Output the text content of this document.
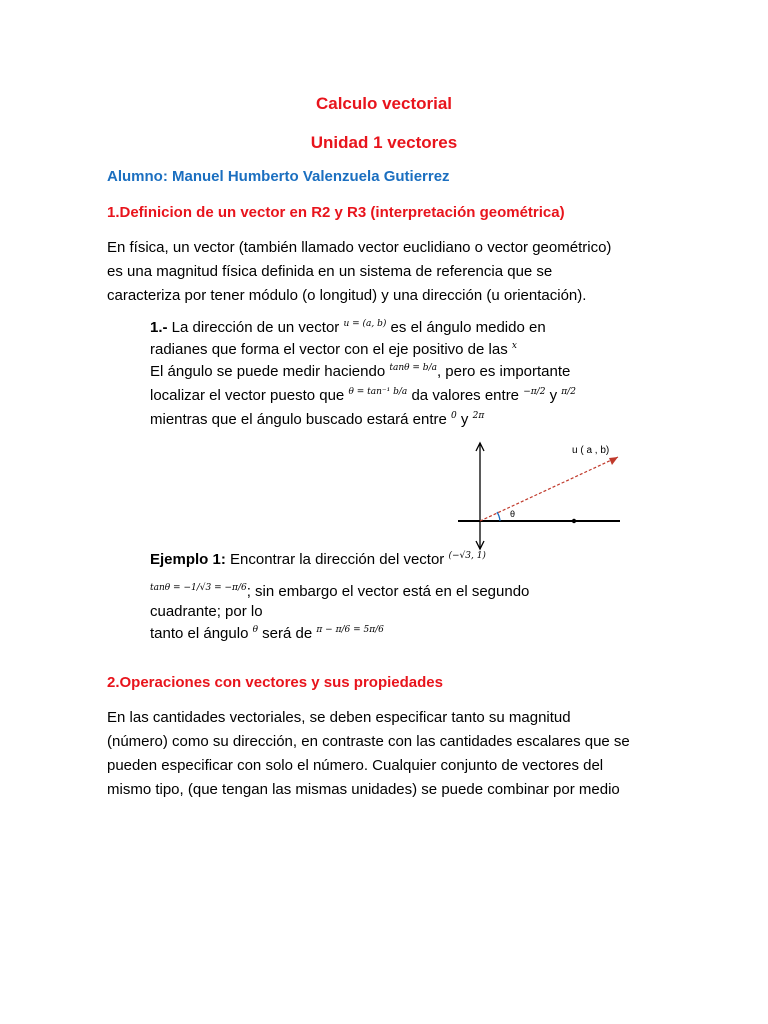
Calculo vectorial
Unidad 1 vectores
Alumno: Manuel Humberto Valenzuela Gutierrez
1.Definicion de un vector en R2 y R3 (interpretación geométrica)
En física, un vector (también llamado vector euclidiano o vector geométrico)
es una magnitud física definida en un sistema de referencia que se
caracteriza por tener módulo (o longitud) y una dirección (u orientación).
1.- La dirección de un vector $^{u = (a, b)}$ es el ángulo medido en
radianes que forma el vector con el eje positivo de las $^x$
El ángulo se puede medir haciendo $^{tan\theta = b/a}$, pero es importante
localizar el vector puesto que $^{\theta = tan^{-1} b/a}$ da valores entre $^{-\pi/2}$ y $^{\pi/2}$
mientras que el ángulo buscado estará entre $^0$ y $^{2\pi}$
θ
u ( a , b)
Ejemplo 1: Encontrar la dirección del vector $^{(-√3, 1)}$
$^{tan\theta = -1/√3 = -\pi/6}$; sin embargo el vector está en el segundo
cuadrante; por lo
tanto el ángulo $^\theta$ será de $^{\pi - \pi/6 = 5\pi/6}$
2.Operaciones con vectores y sus propiedades
En las cantidades vectoriales, se deben especificar tanto su magnitud
(número) como su dirección, en contraste con las cantidades escalares que se
pueden especificar con solo el número. Cualquier conjunto de vectores del
mismo tipo, (que tengan las mismas unidades) se puede combinar por medio
